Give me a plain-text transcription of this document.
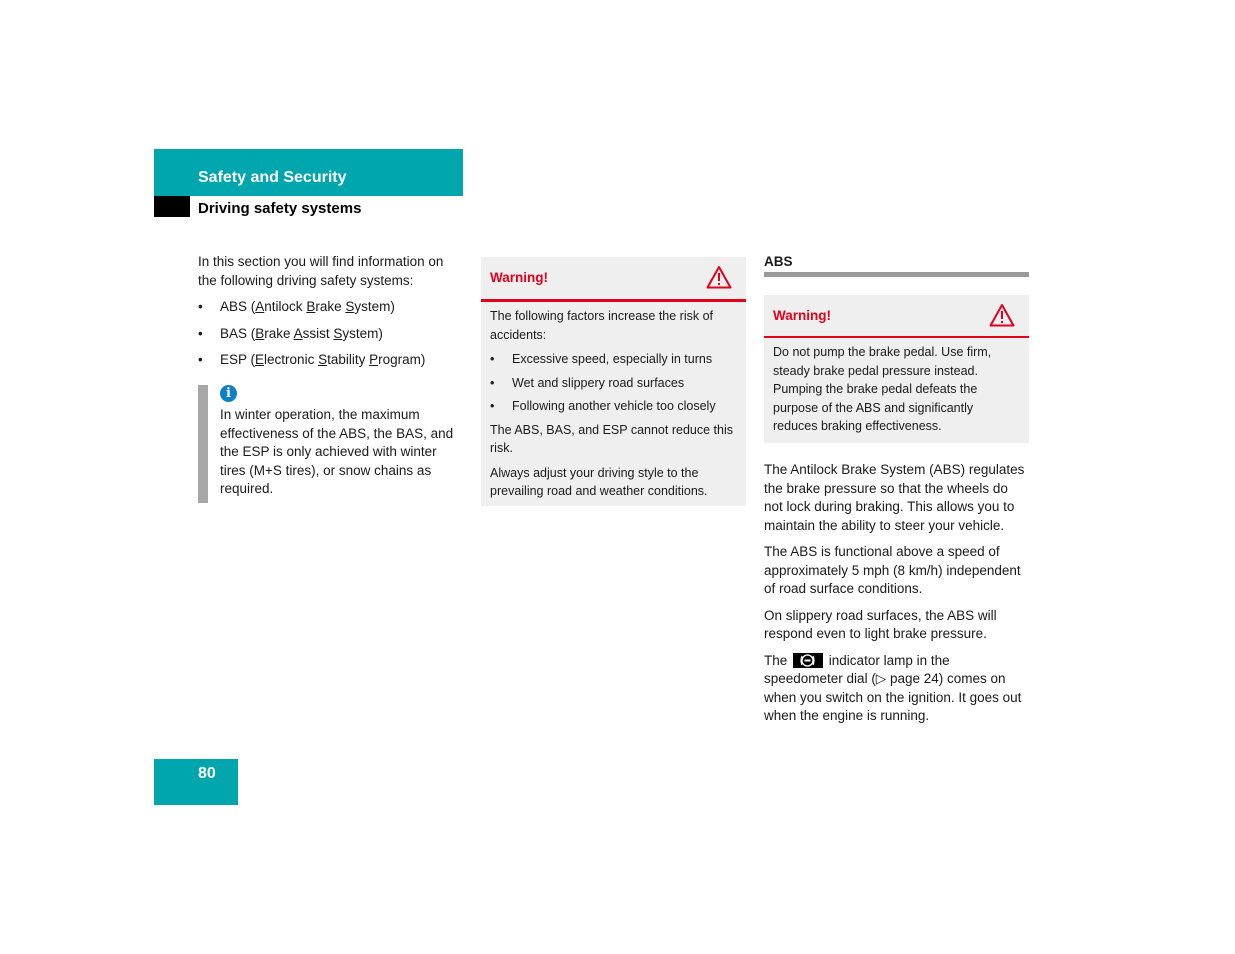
Safety and Security
Driving safety systems

In this section you will find information on the following driving safety systems:

• ABS (Antilock Brake System)
• BAS (Brake Assist System)
• ESP (Electronic Stability Program)
i

In winter operation, the maximum effectiveness of the ABS, the BAS, and the ESP is only achieved with winter tires (M+S tires), or snow chains as required.

Warning!

The following factors increase the risk of accidents:

• Excessive speed, especially in turns
• Wet and slippery road surfaces
• Following another vehicle too closely

The ABS, BAS, and ESP cannot reduce this risk.

Always adjust your driving style to the prevailing road and weather conditions.

ABS
Warning!

Do not pump the brake pedal. Use firm, steady brake pedal pressure instead. Pumping the brake pedal defeats the purpose of the ABS and significantly reduces braking effectiveness.

The Antilock Brake System (ABS) regulates the brake pressure so that the wheels do not lock during braking. This allows you to maintain the ability to steer your vehicle.

The ABS is functional above a speed of approximately 5 mph (8 km/h) independent of road surface conditions.

On slippery road surfaces, the ABS will respond even to light brake pressure.

The	indicator lamp in the speedometer dial (▷ page 24) comes on when you switch on the ignition. It goes out when the engine is running.

80
